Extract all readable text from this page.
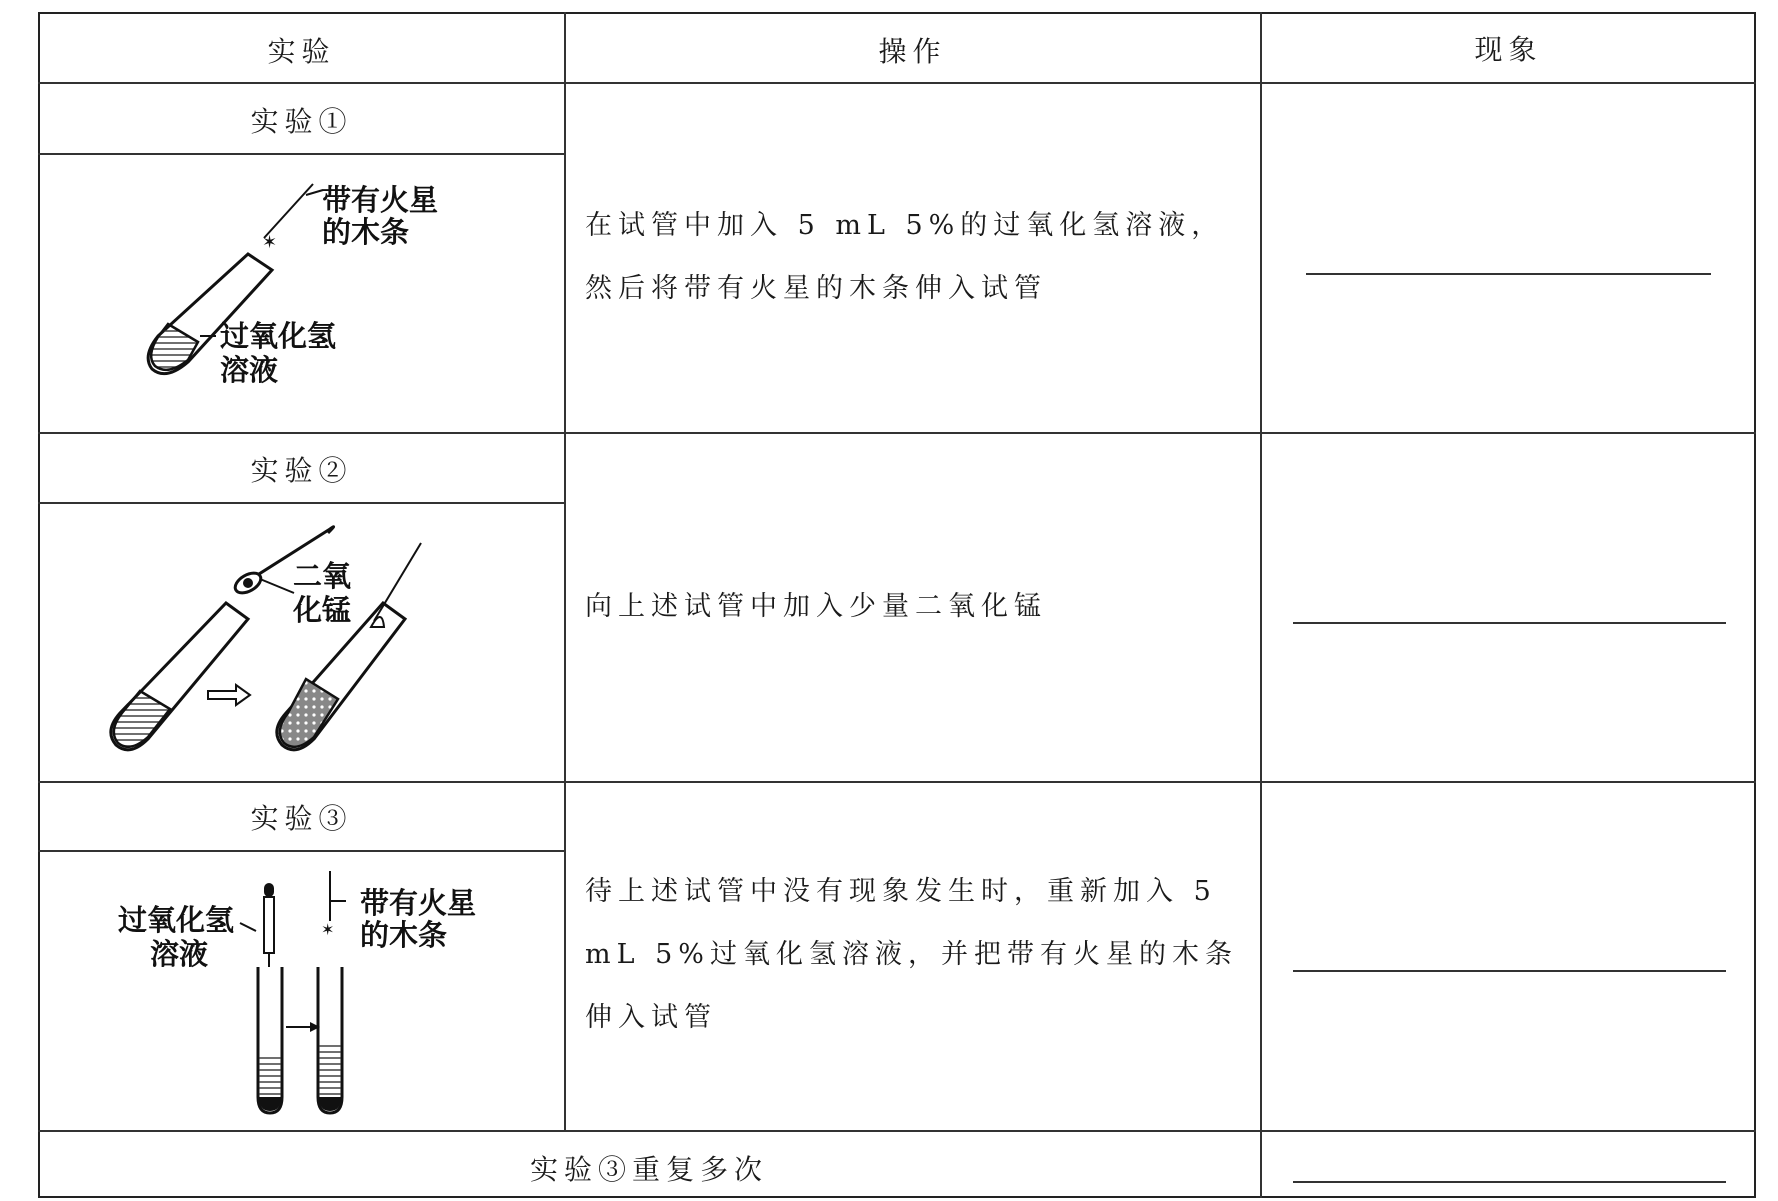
实验	操作	现象
实验①
实验②
实验③
实验③重复多次
在试管中加入 5 mL 5%的过氧化氢溶液，然后将带有火星的木条伸入试管
向上述试管中加入少量二氧化锰
待上述试管中没有现象发生时，重新加入 5 mL 5%过氧化氢溶液，并把带有火星的木条伸入试管
✶
带有火星
的木条
过氧化氢
溶液
二氧
化锰
过氧化氢
溶液
✶
带有火星
的木条
